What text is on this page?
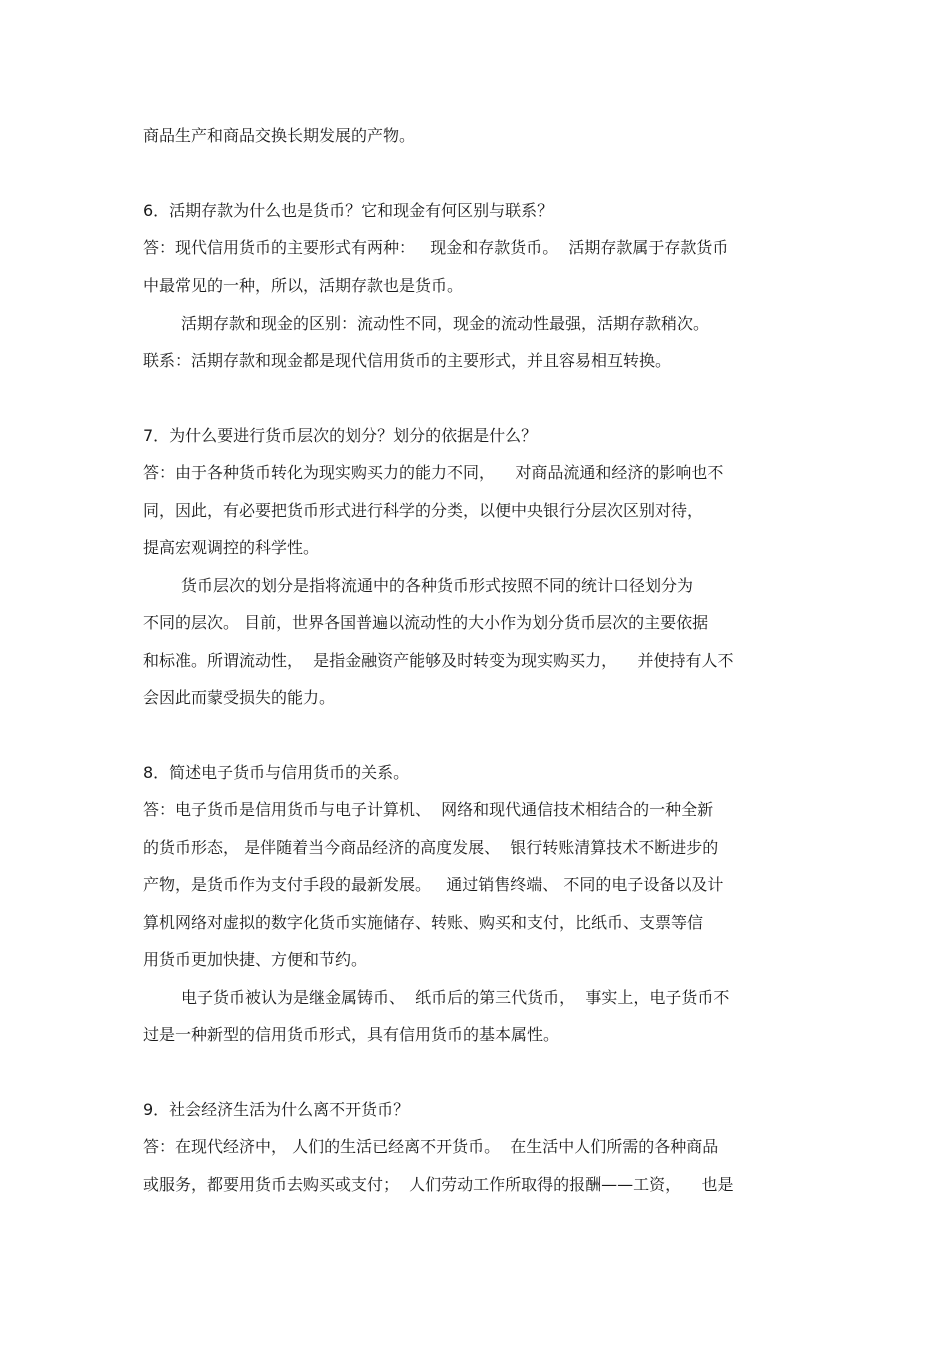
商品生产和商品交换长期发展的产物。

6．活期存款为什么也是货币？它和现金有何区别与联系？

答：现代信用货币的主要形式有两种：   现金和存款货币。  活期存款属于存款货币

中最常见的一种，所以，活期存款也是货币。

活期存款和现金的区别：流动性不同，现金的流动性最强，活期存款稍次。

联系：活期存款和现金都是现代信用货币的主要形式，并且容易相互转换。

7．为什么要进行货币层次的划分？划分的依据是什么？

答：由于各种货币转化为现实购买力的能力不同，    对商品流通和经济的影响也不

同，因此，有必要把货币形式进行科学的分类，以便中央银行分层次区别对待，

提高宏观调控的科学性。

货币层次的划分是指将流通中的各种货币形式按照不同的统计口径划分为

不同的层次。 目前，世界各国普遍以流动性的大小作为划分货币层次的主要依据

和标准。所谓流动性，  是指金融资产能够及时转变为现实购买力，    并使持有人不

会因此而蒙受损失的能力。

8．简述电子货币与信用货币的关系。

答：电子货币是信用货币与电子计算机、  网络和现代通信技术相结合的一种全新

的货币形态， 是伴随着当今商品经济的高度发展、  银行转账清算技术不断进步的

产物，是货币作为支付手段的最新发展。   通过销售终端、 不同的电子设备以及计

算机网络对虚拟的数字化货币实施储存、转账、购买和支付，比纸币、支票等信

用货币更加快捷、方便和节约。

电子货币被认为是继金属铸币、  纸币后的第三代货币，  事实上，电子货币不

过是一种新型的信用货币形式，具有信用货币的基本属性。

9．社会经济生活为什么离不开货币？

答：在现代经济中， 人们的生活已经离不开货币。  在生活中人们所需的各种商品

或服务，都要用货币去购买或支付；  人们劳动工作所取得的报酬——工资，    也是
